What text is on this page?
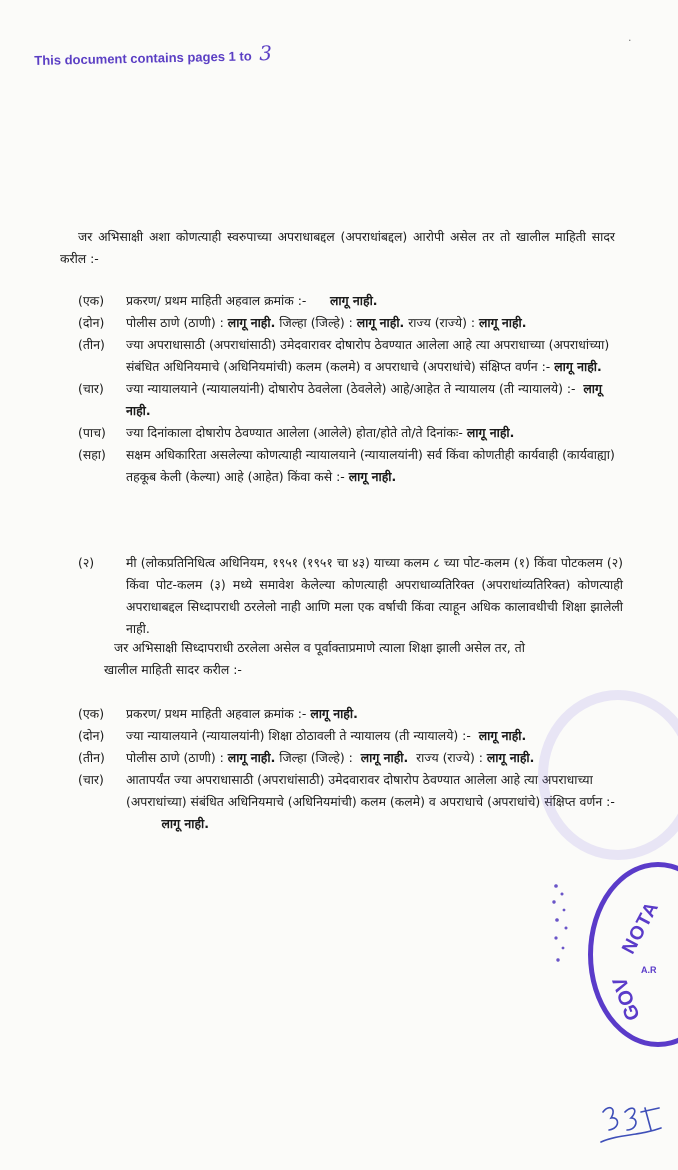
·
This document contains pages 1 to 3
जर अभिसाक्षी अशा कोणत्याही स्वरुपाच्या अपराधाबद्दल (अपराधांबद्दल) आरोपी असेल तर तो खालील माहिती सादर करील :-
(एक)	प्रकरण/ प्रथम माहिती अहवाल क्रमांक :- लागू नाही.
(दोन)	पोलीस ठाणे (ठाणी) : लागू नाही. जिल्हा (जिल्हे) : लागू नाही. राज्य (राज्ये) : लागू नाही.
(तीन)	ज्या अपराधासाठी (अपराधांसाठी) उमेदवारावर दोषारोप ठेवण्यात आलेला आहे त्या अपराधाच्या (अपराधांच्या) संबंधित अधिनियमाचे (अधिनियमांची) कलम (कलमे) व अपराधाचे (अपराधांचे) संक्षिप्त वर्णन :- लागू नाही.
(चार)	ज्या न्यायालयाने (न्यायालयांनी) दोषारोप ठेवलेला (ठेवलेले) आहे/आहेत ते न्यायालय (ती न्यायालये) :- लागू नाही.
(पाच)	ज्या दिनांकाला दोषारोप ठेवण्यात आलेला (आलेले) होता/होते तो/ते दिनांकः- लागू नाही.
(सहा)	सक्षम अधिकारिता असलेल्या कोणत्याही न्यायालयाने (न्यायालयांनी) सर्व किंवा कोणतीही कार्यवाही (कार्यवाह्या) तहकूब केली (केल्या) आहे (आहेत) किंवा कसे :- लागू नाही.
(२)	मी (लोकप्रतिनिधित्व अधिनियम, १९५१ (१९५१ चा ४३) याच्या कलम ८ च्या पोट-कलम (१) किंवा पोटकलम (२) किंवा पोट-कलम (३) मध्ये समावेश केलेल्या कोणत्याही अपराधाव्यतिरिक्त (अपराधांव्यतिरिक्त) कोणत्याही अपराधाबद्दल सिध्दापराधी ठरलेलो नाही आणि मला एक वर्षाची किंवा त्याहून अधिक कालावधीची शिक्षा झालेली नाही.
जर अभिसाक्षी सिध्दापराधी ठरलेला असेल व पूर्वाक्ताप्रमाणे त्याला शिक्षा झाली असेल तर, तो
खालील माहिती सादर करील :-
(एक)	प्रकरण/ प्रथम माहिती अहवाल क्रमांक :- लागू नाही.
(दोन)	ज्या न्यायालयाने (न्यायालयांनी) शिक्षा ठोठावली ते न्यायालय (ती न्यायालये) :- लागू नाही.
(तीन)	पोलीस ठाणे (ठाणी) : लागू नाही. जिल्हा (जिल्हे) : लागू नाही. राज्य (राज्ये) : लागू नाही.
(चार)	आतापर्यंत ज्या अपराधासाठी (अपराधांसाठी) उमेदवारावर दोषारोप ठेवण्यात आलेला आहे त्या अपराधाच्या (अपराधांच्या) संबंधित अधिनियमाचे (अधिनियमांची) कलम (कलमे) व अपराधाचे (अपराधांचे) संक्षिप्त वर्णन :-         लागू नाही.
NOTA
A.R
GOV
